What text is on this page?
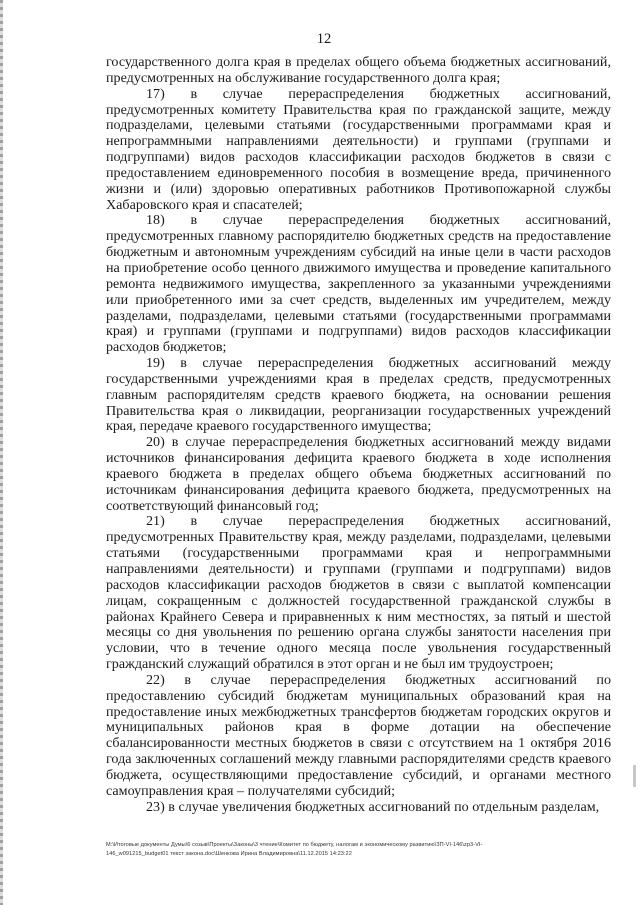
12

государственного долга края в пределах общего объема бюджетных ассигнований, предусмотренных на обслуживание государственного долга края;

17) в случае перераспределения бюджетных ассигнований, предусмотренных комитету Правительства края по гражданской защите, между подразделами, целевыми статьями (государственными программами края и непрограммными направлениями деятельности) и группами (группами и подгруппами) видов расходов классификации расходов бюджетов в связи с предоставлением единовременного пособия в возмещение вреда, причиненного жизни и (или) здоровью оперативных работников Противопожарной службы Хабаровского края и спасателей;

18) в случае перераспределения бюджетных ассигнований, предусмотренных главному распорядителю бюджетных средств на предоставление бюджетным и автономным учреждениям субсидий на иные цели в части расходов на приобретение особо ценного движимого имущества и проведение капитального ремонта недвижимого имущества, закрепленного за указанными учреждениями или приобретенного ими за счет средств, выделенных им учредителем, между разделами, подразделами, целевыми статьями (государственными программами края) и группами (группами и подгруппами) видов расходов классификации расходов бюджетов;

19) в случае перераспределения бюджетных ассигнований между государственными учреждениями края в пределах средств, предусмотренных главным распорядителям средств краевого бюджета, на основании решения Правительства края о ликвидации, реорганизации государственных учреждений края, передаче краевого государственного имущества;

20) в случае перераспределения бюджетных ассигнований между видами источников финансирования дефицита краевого бюджета в ходе исполнения краевого бюджета в пределах общего объема бюджетных ассигнований по источникам финансирования дефицита краевого бюджета, предусмотренных на соответствующий финансовый год;

21) в случае перераспределения бюджетных ассигнований, предусмотренных Правительству края, между разделами, подразделами, целевыми статьями (государственными программами края и непрограммными направлениями деятельности) и группами (группами и подгруппами) видов расходов классификации расходов бюджетов в связи с выплатой компенсации лицам, сокращенным с должностей государственной гражданской службы в районах Крайнего Севера и приравненных к ним местностях, за пятый и шестой месяцы со дня увольнения по решению органа службы занятости населения при условии, что в течение одного месяца после увольнения государственный гражданский служащий обратился в этот орган и не был им трудоустроен;

22) в случае перераспределения бюджетных ассигнований по предоставлению субсидий бюджетам муниципальных образований края на предоставление иных межбюджетных трансфертов бюджетам городских округов и муниципальных районов края в форме дотации на обеспечение сбалансированности местных бюджетов в связи с отсутствием на 1 октября 2016 года заключенных соглашений между главными распорядителями средств краевого бюджета, осуществляющими предоставление субсидий, и органами местного самоуправления края – получателями субсидий;

23) в случае увеличения бюджетных ассигнований по отдельным разделам,

M:\Итоговые документы Думы\6 созыв\Проекты\Законы\3 чтение\Комитет по бюджету, налогам и экономическому развитию\ЗП-VI-146\zp3-VI-
146_w091215_budget01 текст закона.doc\Шенкова Ирина Владимировна\11.12.2015 14:23:22
